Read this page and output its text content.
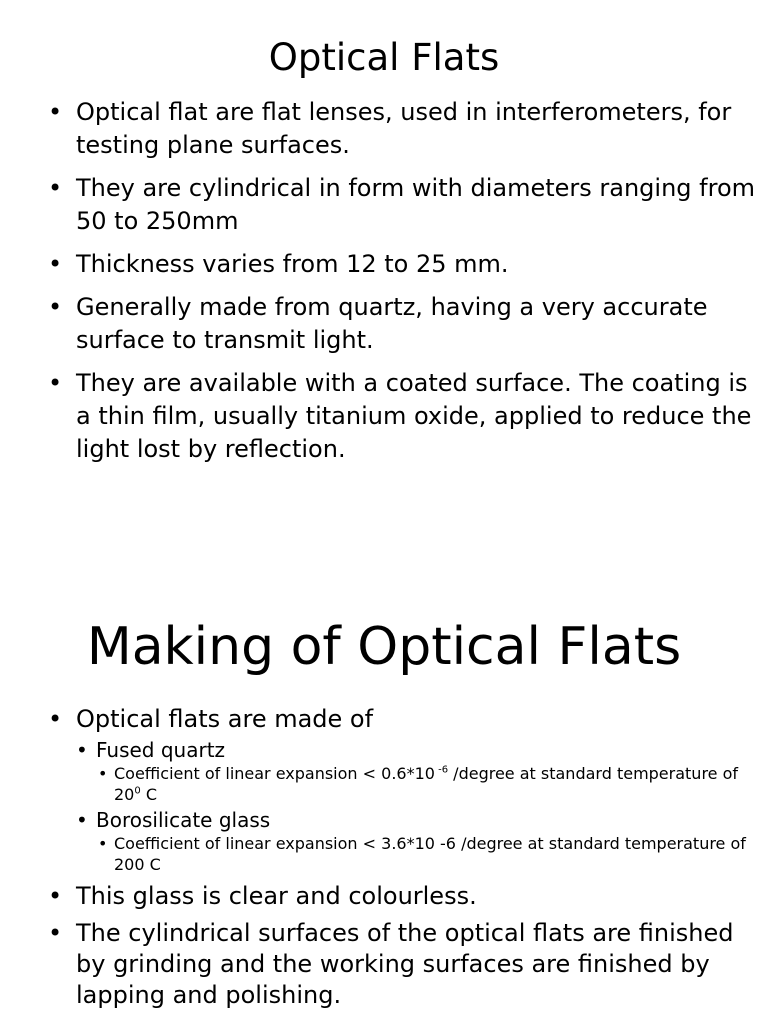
Optical Flats
• Optical flat are flat lenses, used in interferometers, for testing plane surfaces.
• They are cylindrical in form with diameters ranging from 50 to 250mm
• Thickness varies from 12 to 25 mm.
• Generally made from quartz, having a very accurate surface to transmit light.
• They are available with a coated surface. The coating is a thin film, usually titanium oxide, applied to reduce the light lost by reflection.
Making of Optical Flats
• Optical flats are made of
• Fused quartz
• Coefficient of linear expansion < 0.6*10 $^{-6}$ /degree at standard temperature of $20^0$ C
• Borosilicate glass
• Coefficient of linear expansion < 3.6*10 -6 /degree at standard temperature of 200 C
• This glass is clear and colourless.
• The cylindrical surfaces of the optical flats are finished by grinding and the working surfaces are finished by lapping and polishing.
